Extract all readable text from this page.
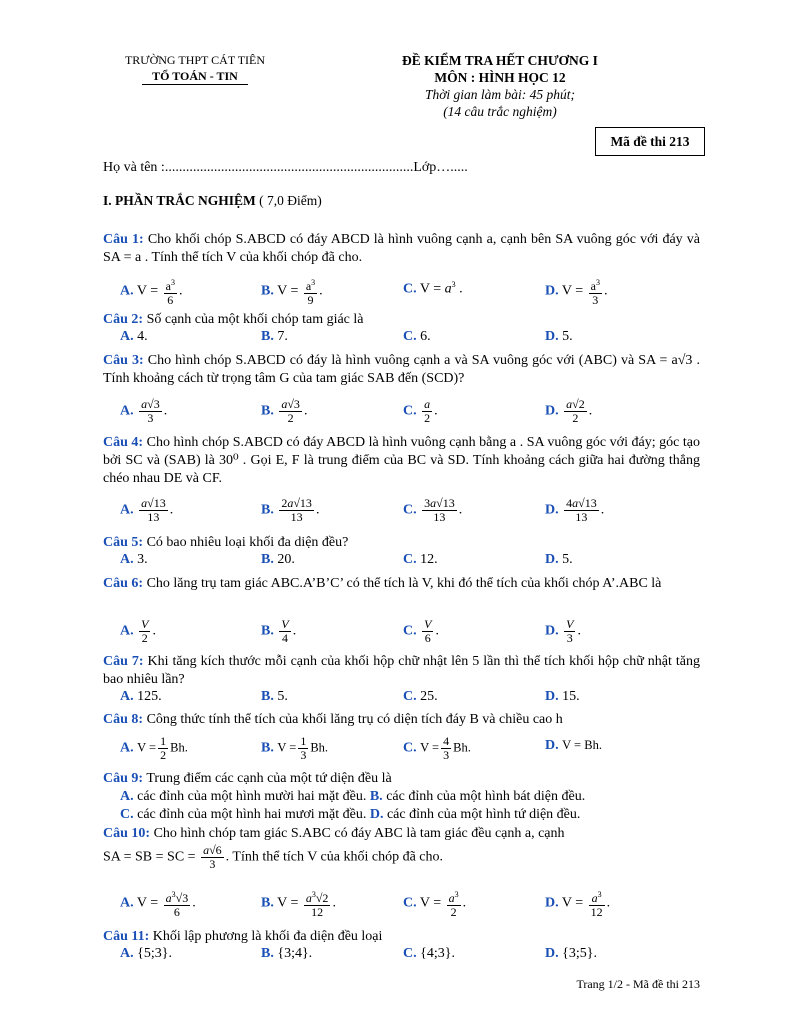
TRƯỜNG THPT CÁT TIÊN
TỔ TOÁN - TIN
ĐỀ KIỂM TRA HẾT CHƯƠNG I
MÔN : HÌNH HỌC 12
Thời gian làm bài: 45 phút;
(14 câu trắc nghiệm)
Mã đề thi 213
Họ và tên :.......................................................................Lớp….....
I. PHẦN TRẮC NGHIỆM ( 7,0 Điểm)
Câu 1: Cho khối chóp S.ABCD có đáy ABCD là hình vuông cạnh a, cạnh bên SA vuông góc với đáy và SA = a . Tính thể tích V của khối chóp đã cho.
A. $V = \frac{a^3}{6}$ .	B. $V = \frac{a^3}{9}$ .	C. $V = a^3$ .	D. $V = \frac{a^3}{3}$ .
Câu 2: Số cạnh của một khối chóp tam giác là
A. 4.	B. 7.	C. 6.	D. 5.
Câu 3: Cho hình chóp S.ABCD có đáy là hình vuông cạnh a và SA vuông góc với (ABC) và SA = a√3 . Tính khoảng cách từ trọng tâm G của tam giác SAB đến (SCD)?
A. $\frac{a√3}{3}$ .	B. $\frac{a√3}{2}$ .	C. $\frac{a}{2}$ .	D. $\frac{a√2}{2}$ .
Câu 4: Cho hình chóp S.ABCD có đáy ABCD là hình vuông cạnh bằng a . SA vuông góc với đáy; góc tạo bởi SC và (SAB) là 30⁰ . Gọi E, F là trung điểm của BC và SD. Tính khoảng cách giữa hai đường thẳng chéo nhau DE và CF.
A. $\frac{a√13}{13}$ .	B. $\frac{2a√13}{13}$ .	C. $\frac{3a√13}{13}$ .	D. $\frac{4a√13}{13}$ .
Câu 5: Có bao nhiêu loại khối đa diện đều?
A. 3.	B. 20.	C. 12.	D. 5.
Câu 6: Cho lăng trụ tam giác ABC.A’B’C’ có thể tích là V, khi đó thể tích của khối chóp A’.ABC là
A. $\frac{V}{2}$ .	B. $\frac{V}{4}$ .	C. $\frac{V}{6}$ .	D. $\frac{V}{3}$ .
Câu 7: Khi tăng kích thước mỗi cạnh của khối hộp chữ nhật lên 5 lần thì thể tích khối hộp chữ nhật tăng bao nhiêu lần?
A. 125.	B. 5.	C. 25.	D. 15.
Câu 8: Công thức tính thể tích của khối lăng trụ có diện tích đáy B và chiều cao h
A. $V = \frac{1}{2} Bh$.	B. $V = \frac{1}{3} Bh$.	C. $V = \frac{4}{3} Bh$.	D. V = Bh.
Câu 9: Trung điểm các cạnh của một tứ diện đều là
A. các đỉnh của một hình mười hai mặt đều. B. các đỉnh của một hình bát diện đều.
C. các đỉnh của một hình hai mươi mặt đều. D. các đỉnh của một hình tứ diện đều.
Câu 10: Cho hình chóp tam giác S.ABC có đáy ABC là tam giác đều cạnh a, cạnh
SA = SB = SC = $\frac{a√6}{3}$ . Tính thể tích V của khối chóp đã cho.
A. $V = \frac{a^3√3}{6}$ .	B. $V = \frac{a^3√2}{12}$ .	C. $V = \frac{a^3}{2}$ .	D. $V = \frac{a^3}{12}$ .
Câu 11: Khối lập phương là khối đa diện đều loại
A. {5;3}.	B. {3;4}.	C. {4;3}.	D. {3;5}.
Trang 1/2 - Mã đề thi 213
